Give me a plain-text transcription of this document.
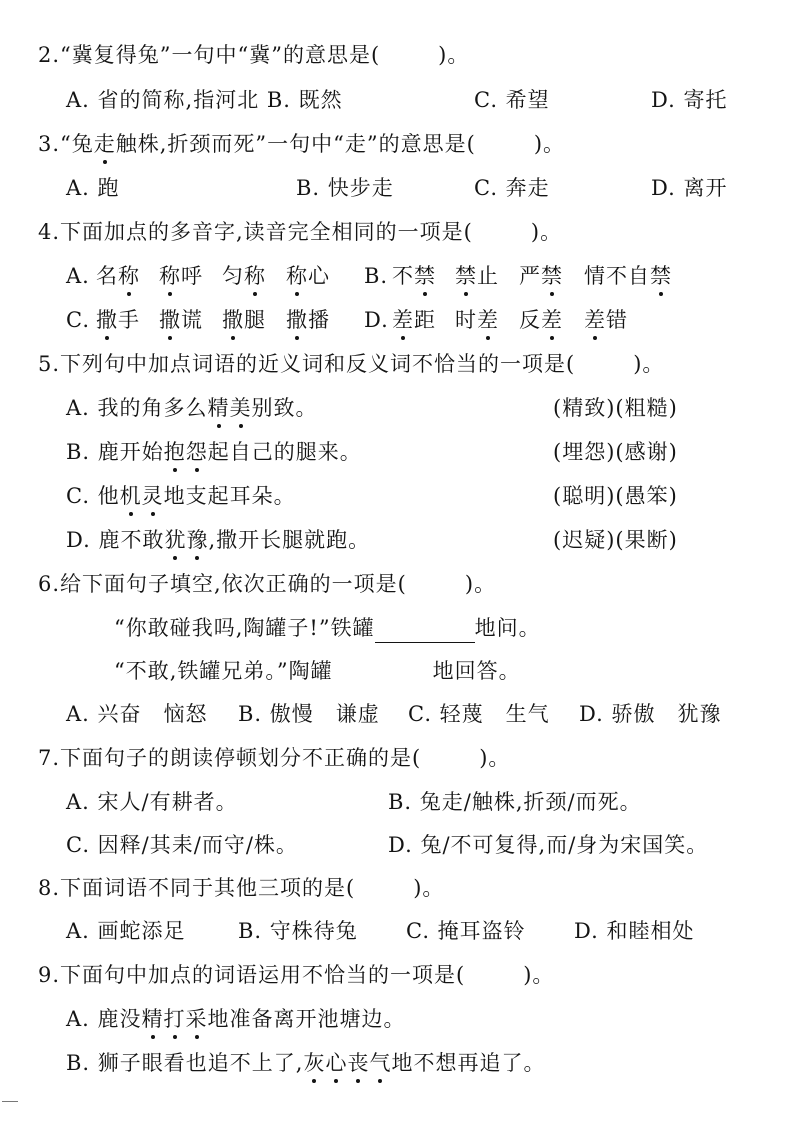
2. “冀复得兔”一句中“冀”的意思是(	)。
A. 省的简称,指河北 B. 既然	C. 希望	D. 寄托
3. “兔走触株,折颈而死”一句中“走”的意思是(	)。
A. 跑	B. 快步走	C. 奔走	D. 离开
4. 下面加点的多音字,读音完全相同的一项是(	)。
A. 名称 称呼 匀称 称心 B. 不禁 禁止 严禁 情不自禁
C. 撒手 撒谎 撒腿 撒播 D. 差距 时差 反差 差错
5. 下列句中加点词语的近义词和反义词不恰当的一项是(	)。
A. 我的角多么精美别致。	(精致)(粗糙)
B. 鹿开始抱怨起自己的腿来。	(埋怨)(感谢)
C. 他机灵地支起耳朵。	(聪明)(愚笨)
D. 鹿不敢犹豫,撒开长腿就跑。	(迟疑)(果断)
6. 给下面句子填空,依次正确的一项是(	)。
“你敢碰我吗,陶罐子!”铁罐	地问。
“不敢,铁罐兄弟。”陶罐	地回答。
A. 兴奋　恼怒 B. 傲慢　谦虚 C. 轻蔑　生气 D. 骄傲　犹豫
7. 下面句子的朗读停顿划分不正确的是(	)。
A. 宋人/有耕者。	B. 兔走/触株,折颈/而死。
C. 因释/其耒/而守/株。	D. 兔/不可复得,而/身为宋国笑。
8. 下面词语不同于其他三项的是(	)。
A. 画蛇添足 B. 守株待兔 C. 掩耳盗铃 D. 和睦相处
9. 下面句中加点的词语运用不恰当的一项是(	)。
A. 鹿没精打采地准备离开池塘边。
B. 狮子眼看也追不上了,灰心丧气地不想再追了。
